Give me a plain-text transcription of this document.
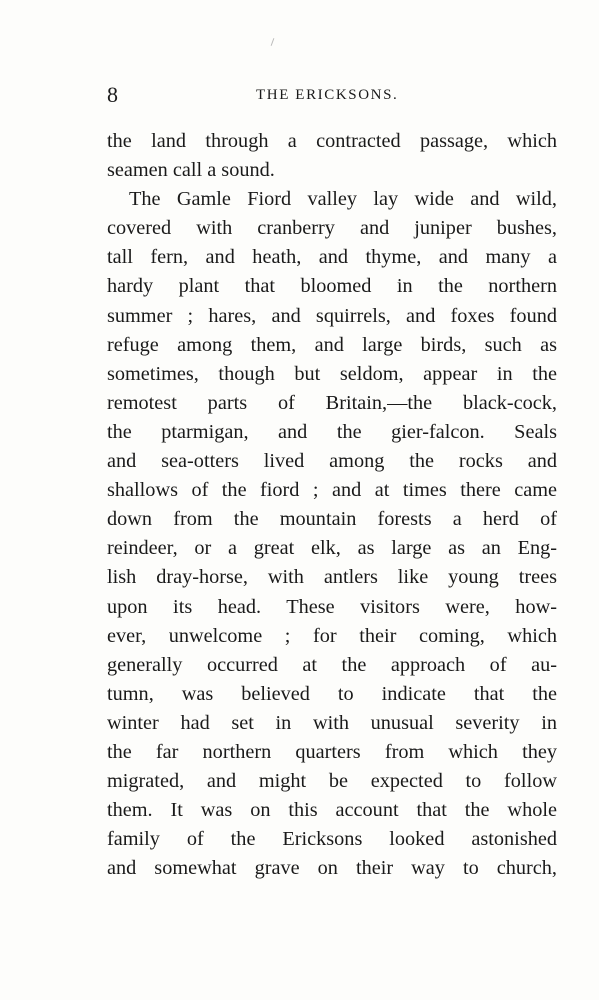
8	THE ERICKSONS.
the land through a contracted passage, which
seamen call a sound.
The Gamle Fiord valley lay wide and wild,
covered with cranberry and juniper bushes,
tall fern, and heath, and thyme, and many a
hardy plant that bloomed in the northern
summer ; hares, and squirrels, and foxes found
refuge among them, and large birds, such as
sometimes, though but seldom, appear in the
remotest parts of Britain,—the black-cock,
the ptarmigan, and the gier-falcon. Seals
and sea-otters lived among the rocks and
shallows of the fiord ; and at times there came
down from the mountain forests a herd of
reindeer, or a great elk, as large as an Eng-
lish dray-horse, with antlers like young trees
upon its head. These visitors were, how-
ever, unwelcome ; for their coming, which
generally occurred at the approach of au-
tumn, was believed to indicate that the
winter had set in with unusual severity in
the far northern quarters from which they
migrated, and might be expected to follow
them. It was on this account that the whole
family of the Ericksons looked astonished
and somewhat grave on their way to church,
